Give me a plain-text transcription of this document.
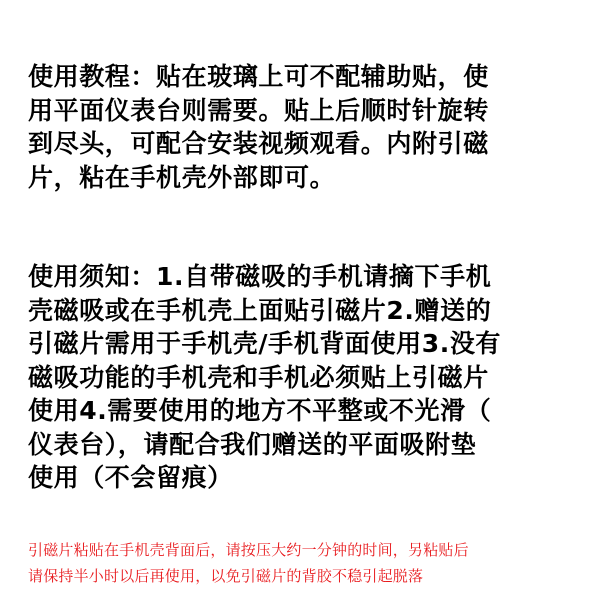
使用教程：贴在玻璃上可不配辅助贴，使
用平面仪表台则需要。贴上后顺时针旋转
到尽头，可配合安装视频观看。内附引磁
片，粘在手机壳外部即可。
使用须知：1.自带磁吸的手机请摘下手机
壳磁吸或在手机壳上面贴引磁片2.赠送的
引磁片需用于手机壳/手机背面使用3.没有
磁吸功能的手机壳和手机必须贴上引磁片
使用4.需要使用的地方不平整或不光滑（
仪表台），请配合我们赠送的平面吸附垫
使用（不会留痕）
引磁片粘贴在手机壳背面后，请按压大约一分钟的时间，另粘贴后
请保持半小时以后再使用，以免引磁片的背胶不稳引起脱落
